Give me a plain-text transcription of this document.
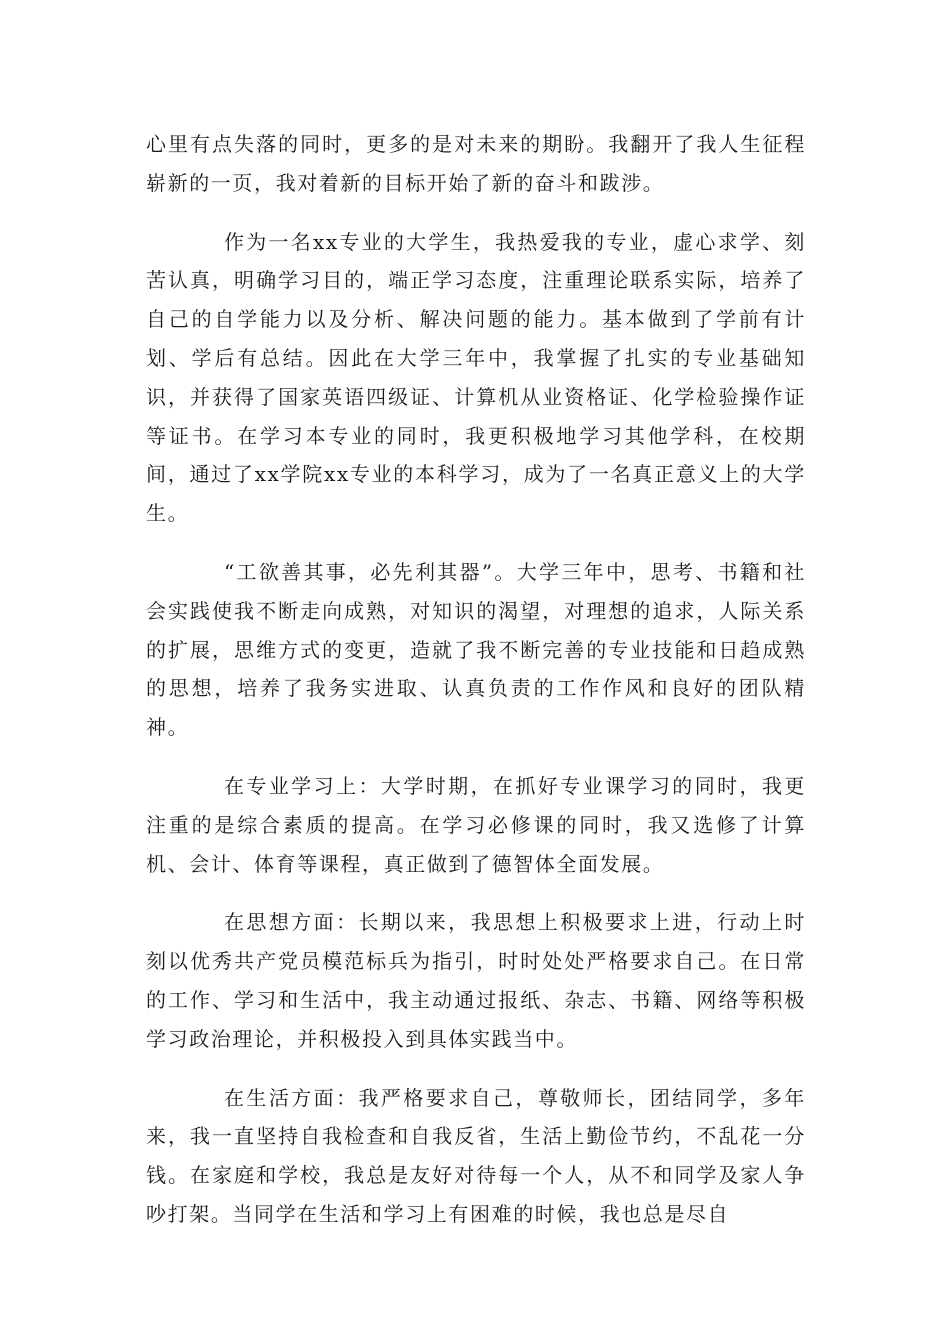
心里有点失落的同时，更多的是对未来的期盼。我翻开了我人生征程崭新的一页，我对着新的目标开始了新的奋斗和跋涉。

作为一名xx专业的大学生，我热爱我的专业，虚心求学、刻苦认真，明确学习目的，端正学习态度，注重理论联系实际，培养了自己的自学能力以及分析、解决问题的能力。基本做到了学前有计划、学后有总结。因此在大学三年中，我掌握了扎实的专业基础知识，并获得了国家英语四级证、计算机从业资格证、化学检验操作证等证书。在学习本专业的同时，我更积极地学习其他学科，在校期间，通过了xx学院xx专业的本科学习，成为了一名真正意义上的大学生。

“工欲善其事，必先利其器”。大学三年中，思考、书籍和社会实践使我不断走向成熟，对知识的渴望，对理想的追求，人际关系的扩展，思维方式的变更，造就了我不断完善的专业技能和日趋成熟的思想，培养了我务实进取、认真负责的工作作风和良好的团队精神。

在专业学习上：大学时期，在抓好专业课学习的同时，我更注重的是综合素质的提高。在学习必修课的同时，我又选修了计算机、会计、体育等课程，真正做到了德智体全面发展。

在思想方面：长期以来，我思想上积极要求上进，行动上时刻以优秀共产党员模范标兵为指引，时时处处严格要求自己。在日常的工作、学习和生活中，我主动通过报纸、杂志、书籍、网络等积极学习政治理论，并积极投入到具体实践当中。

在生活方面：我严格要求自己，尊敬师长，团结同学，多年来，我一直坚持自我检查和自我反省，生活上勤俭节约，不乱花一分钱。在家庭和学校，我总是友好对待每一个人，从不和同学及家人争吵打架。当同学在生活和学习上有困难的时候，我也总是尽自
